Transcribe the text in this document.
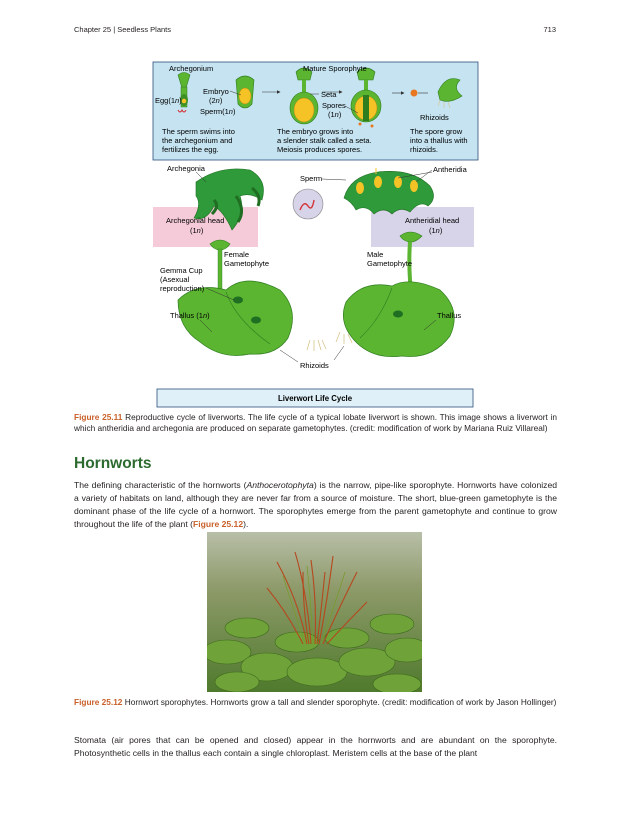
Chapter 25 | Seedless Plants	713
Archegonium	Mature Sporophyte
Egg(1n)
Embryo
(2n)
Sperm(1n)
Seta
Spores
(1n)	Rhizoids
The sperm swims into the archegonium and fertilizes the egg.
The embryo grows into a slender stalk called a seta. Meiosis produces spores.
The spore grow into a thallus with rhizoids.
Archegonia
Sperm
Antheridia
Archegonial head
(1n)
Antheridial head
(1n)
Female Gametophyte
Male Gametophyte
Gemma Cup (Asexual reproduction)
Thallus (1n)	Thallus
Rhizoids
Liverwort Life Cycle
Figure 25.11 Reproductive cycle of liverworts. The life cycle of a typical lobate liverwort is shown. This image shows a liverwort in which antheridia and archegonia are produced on separate gametophytes. (credit: modification of work by Mariana Ruiz Villareal)
Hornworts
The defining characteristic of the hornworts (Anthocerotophyta) is the narrow, pipe-like sporophyte. Hornworts have colonized a variety of habitats on land, although they are never far from a source of moisture. The short, blue-green gametophyte is the dominant phase of the life cycle of a hornwort. The sporophytes emerge from the parent gametophyte and continue to grow throughout the life of the plant (Figure 25.12).
Figure 25.12 Hornwort sporophytes. Hornworts grow a tall and slender sporophyte. (credit: modification of work by Jason Hollinger)
Stomata (air pores that can be opened and closed) appear in the hornworts and are abundant on the sporophyte. Photosynthetic cells in the thallus each contain a single chloroplast. Meristem cells at the base of the plant
